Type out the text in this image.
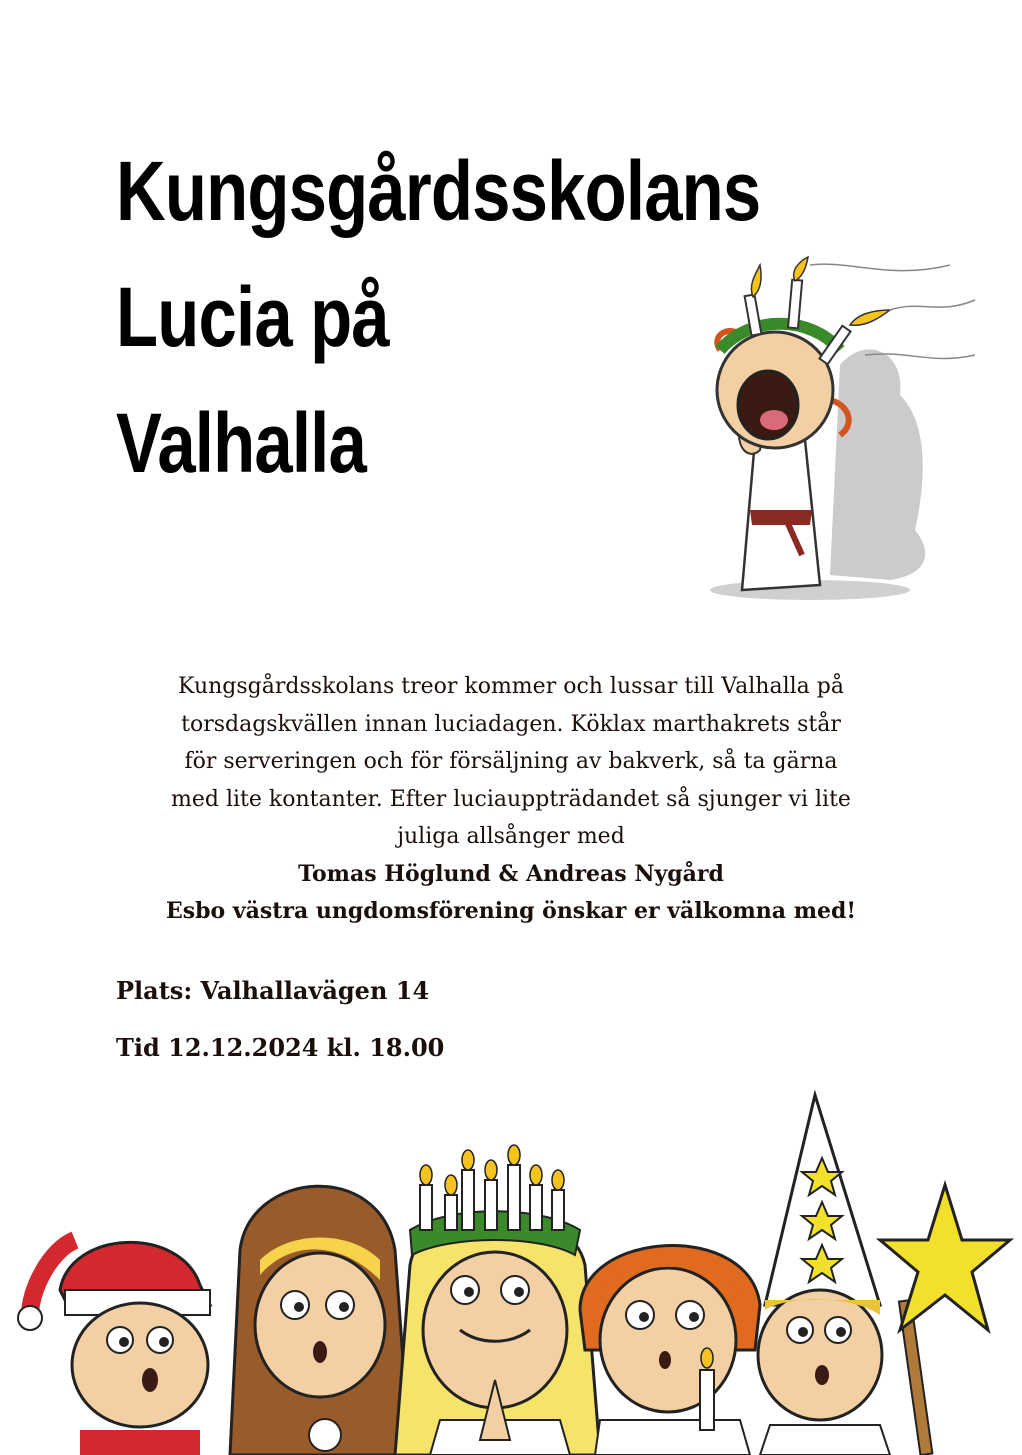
Kungsgårdsskolans
Lucia på
Valhalla
Kungsgårdsskolans treor kommer och lussar till Valhalla på
torsdagskvällen innan luciadagen. Köklax marthakrets står
för serveringen och för försäljning av bakverk, så ta gärna
med lite kontanter. Efter luciauppträdandet så sjunger vi lite
juliga allsånger med
Tomas Höglund & Andreas Nygård
Esbo västra ungdomsförening önskar er välkomna med!

Plats: Valhallavägen 14

Tid 12.12.2024 kl. 18.00
